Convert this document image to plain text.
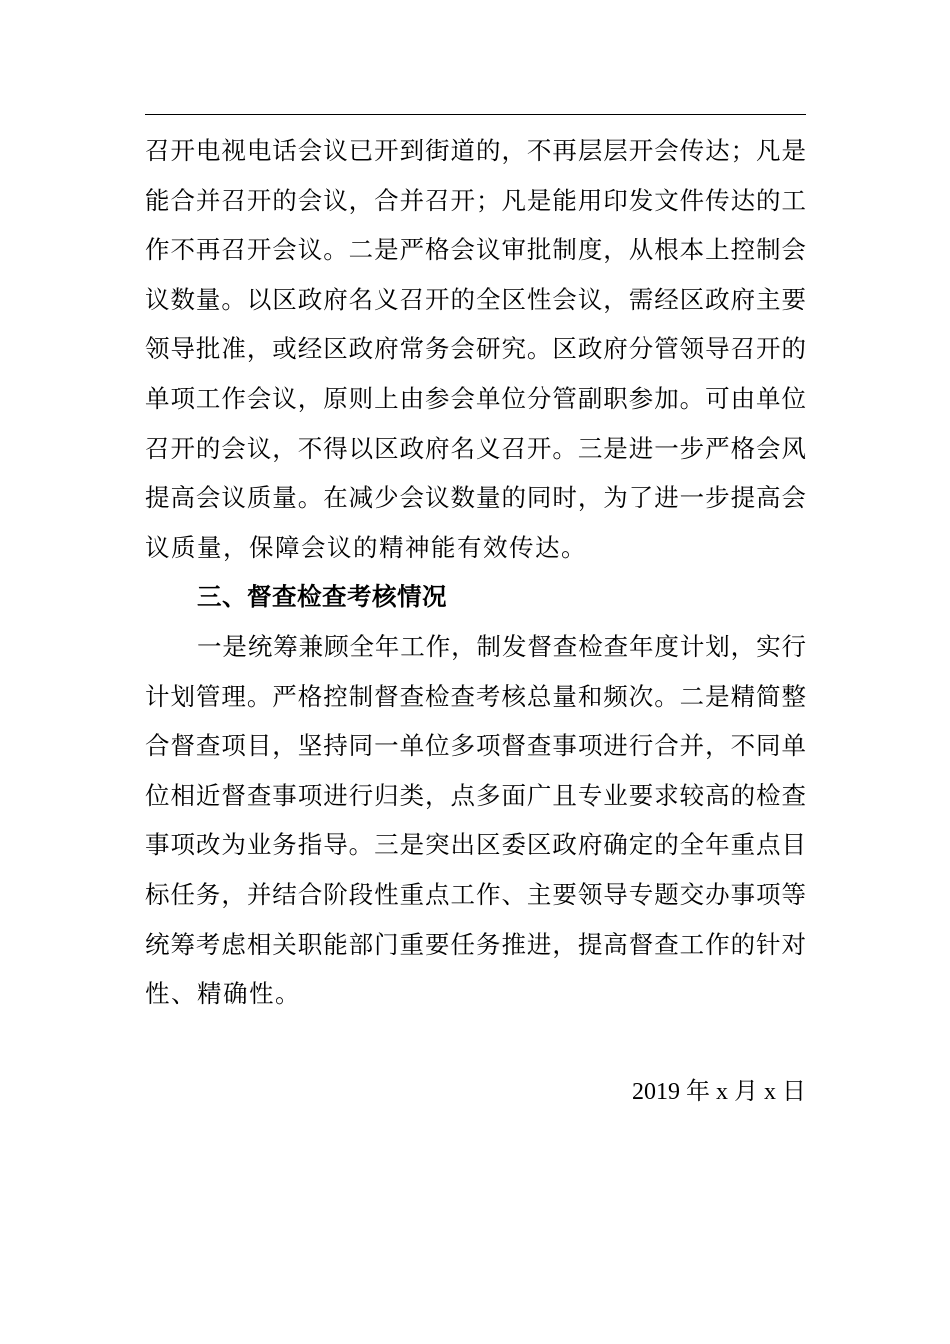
召开电视电话会议已开到街道的，不再层层开会传达；凡是
能合并召开的会议，合并召开；凡是能用印发文件传达的工
作不再召开会议。二是严格会议审批制度，从根本上控制会
议数量。以区政府名义召开的全区性会议，需经区政府主要
领导批准，或经区政府常务会研究。区政府分管领导召开的
单项工作会议，原则上由参会单位分管副职参加。可由单位
召开的会议，不得以区政府名义召开。三是进一步严格会风
提高会议质量。在减少会议数量的同时，为了进一步提高会
议质量，保障会议的精神能有效传达。
三、督查检查考核情况
一是统筹兼顾全年工作，制发督查检查年度计划，实行
计划管理。严格控制督查检查考核总量和频次。二是精简整
合督查项目，坚持同一单位多项督查事项进行合并，不同单
位相近督查事项进行归类，点多面广且专业要求较高的检查
事项改为业务指导。三是突出区委区政府确定的全年重点目
标任务，并结合阶段性重点工作、主要领导专题交办事项等
统筹考虑相关职能部门重要任务推进，提高督查工作的针对
性、精确性。
2019 年 x 月 x 日
